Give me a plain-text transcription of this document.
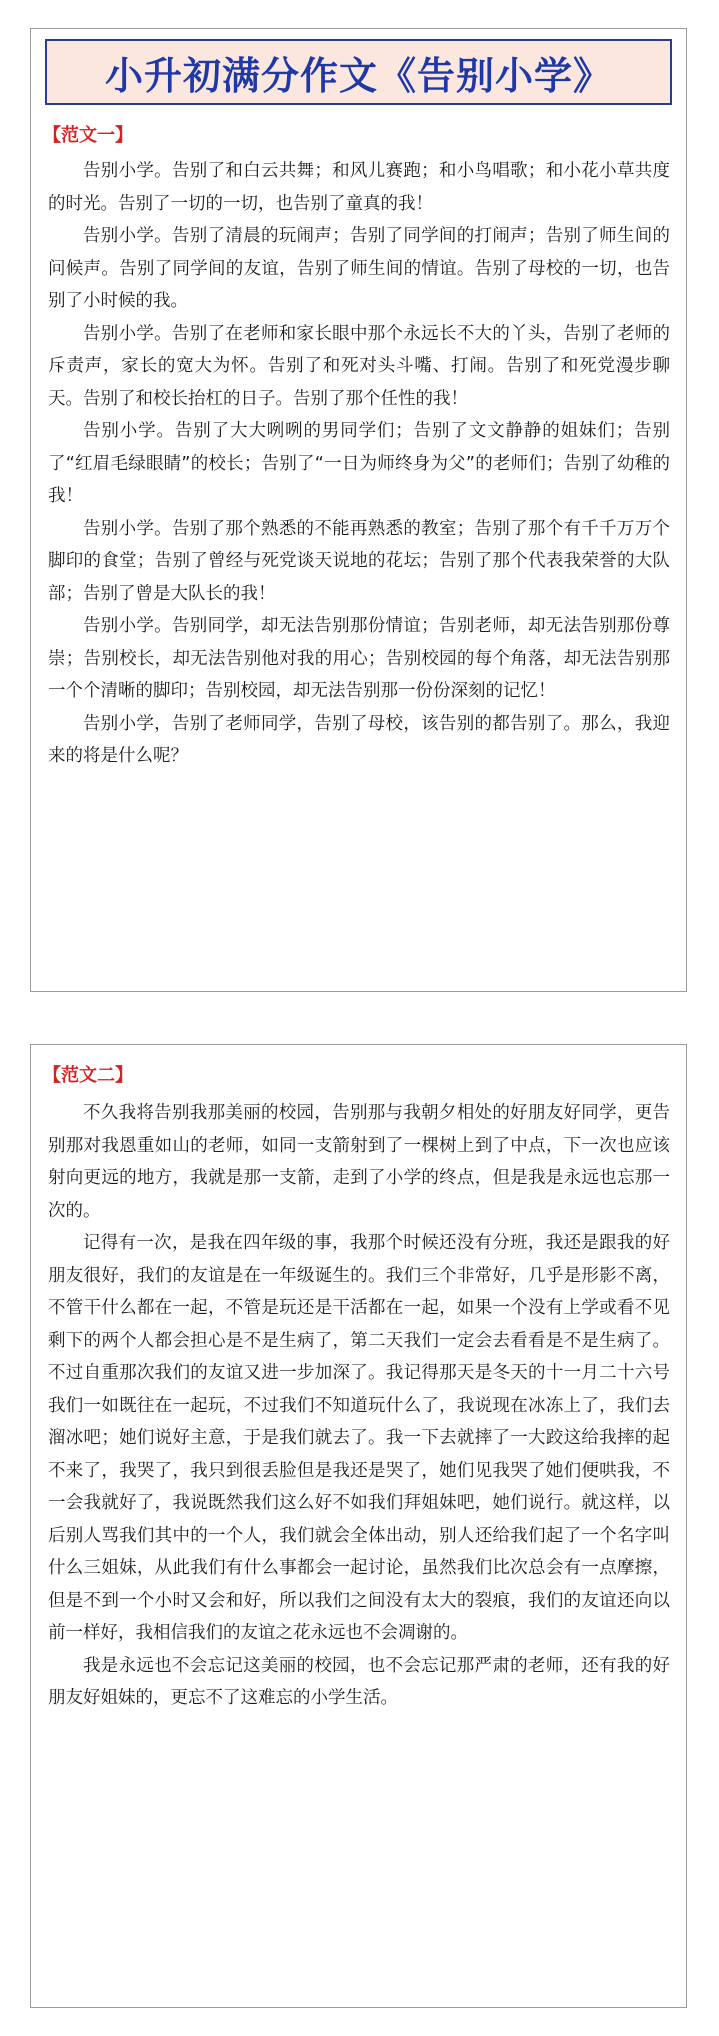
小升初满分作文《告别小学》
【范文一】

告别小学。告别了和白云共舞；和风儿赛跑；和小鸟唱歌；和小花小草共度的时光。告别了一切的一切，也告别了童真的我！

告别小学。告别了清晨的玩闹声；告别了同学间的打闹声；告别了师生间的问候声。告别了同学间的友谊，告别了师生间的情谊。告别了母校的一切，也告别了小时候的我。

告别小学。告别了在老师和家长眼中那个永远长不大的丫头，告别了老师的斥责声，家长的宽大为怀。告别了和死对头斗嘴、打闹。告别了和死党漫步聊天。告别了和校长抬杠的日子。告别了那个任性的我！

告别小学。告别了大大咧咧的男同学们；告别了文文静静的姐妹们；告别了“红眉毛绿眼睛”的校长；告别了“一日为师终身为父”的老师们；告别了幼稚的我！

告别小学。告别了那个熟悉的不能再熟悉的教室；告别了那个有千千万万个脚印的食堂；告别了曾经与死党谈天说地的花坛；告别了那个代表我荣誉的大队部；告别了曾是大队长的我！

告别小学。告别同学，却无法告别那份情谊；告别老师，却无法告别那份尊崇；告别校长，却无法告别他对我的用心；告别校园的每个角落，却无法告别那一个个清晰的脚印；告别校园，却无法告别那一份份深刻的记忆！

告别小学，告别了老师同学，告别了母校，该告别的都告别了。那么，我迎来的将是什么呢？

【范文二】

不久我将告别我那美丽的校园，告别那与我朝夕相处的好朋友好同学，更告别那对我恩重如山的老师，如同一支箭射到了一棵树上到了中点，下一次也应该射向更远的地方，我就是那一支箭，走到了小学的终点，但是我是永远也忘那一次的。

记得有一次，是我在四年级的事，我那个时候还没有分班，我还是跟我的好朋友很好，我们的友谊是在一年级诞生的。我们三个非常好，几乎是形影不离，不管干什么都在一起，不管是玩还是干活都在一起，如果一个没有上学或看不见剩下的两个人都会担心是不是生病了，第二天我们一定会去看看是不是生病了。不过自重那次我们的友谊又进一步加深了。我记得那天是冬天的十一月二十六号我们一如既往在一起玩，不过我们不知道玩什么了，我说现在冰冻上了，我们去溜冰吧；她们说好主意，于是我们就去了。我一下去就摔了一大跤这给我摔的起不来了，我哭了，我只到很丢脸但是我还是哭了，她们见我哭了她们便哄我，不一会我就好了，我说既然我们这么好不如我们拜姐妹吧，她们说行。就这样，以后别人骂我们其中的一个人，我们就会全体出动，别人还给我们起了一个名字叫什么三姐妹，从此我们有什么事都会一起讨论，虽然我们比次总会有一点摩擦，但是不到一个小时又会和好，所以我们之间没有太大的裂痕，我们的友谊还向以前一样好，我相信我们的友谊之花永远也不会凋谢的。

我是永远也不会忘记这美丽的校园，也不会忘记那严肃的老师，还有我的好朋友好姐妹的，更忘不了这难忘的小学生活。
